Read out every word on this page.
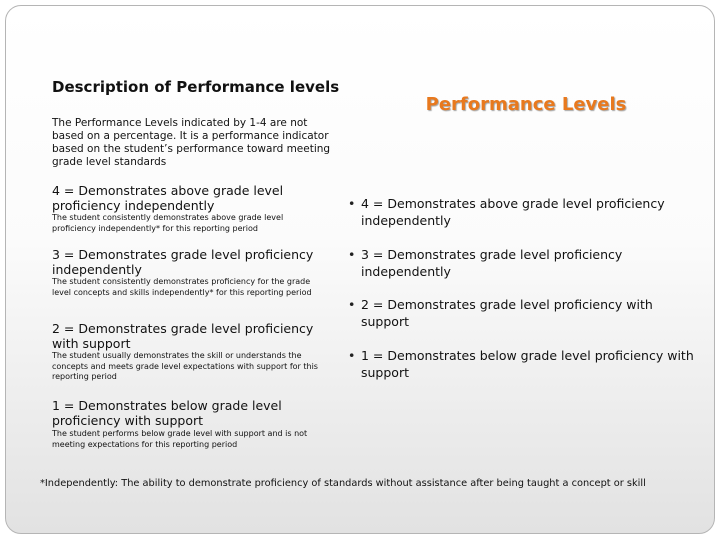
Description of Performance levels

The Performance Levels indicated by 1-4 are not based on a percentage. It is a performance indicator based on the student’s performance toward meeting grade level standards

4 = Demonstrates above grade level proficiency independently
The student consistently demonstrates above grade level proficiency independently* for this reporting period
3 = Demonstrates grade level proficiency independently
The student consistently demonstrates proficiency for the grade level concepts and skills independently* for this reporting period
2 = Demonstrates grade level proficiency with support
The student usually demonstrates the skill or understands the concepts and meets grade level expectations with support for this reporting period
1 = Demonstrates below grade level proficiency with support
The student performs below grade level with support and is not meeting expectations for this reporting period
Performance Levels
• 4 = Demonstrates above grade level proficiency independently
• 3 = Demonstrates grade level proficiency independently
• 2 = Demonstrates grade level proficiency with support
• 1 = Demonstrates below grade level proficiency with support
*Independently: The ability to demonstrate proficiency of standards without assistance after being taught a concept or skill
